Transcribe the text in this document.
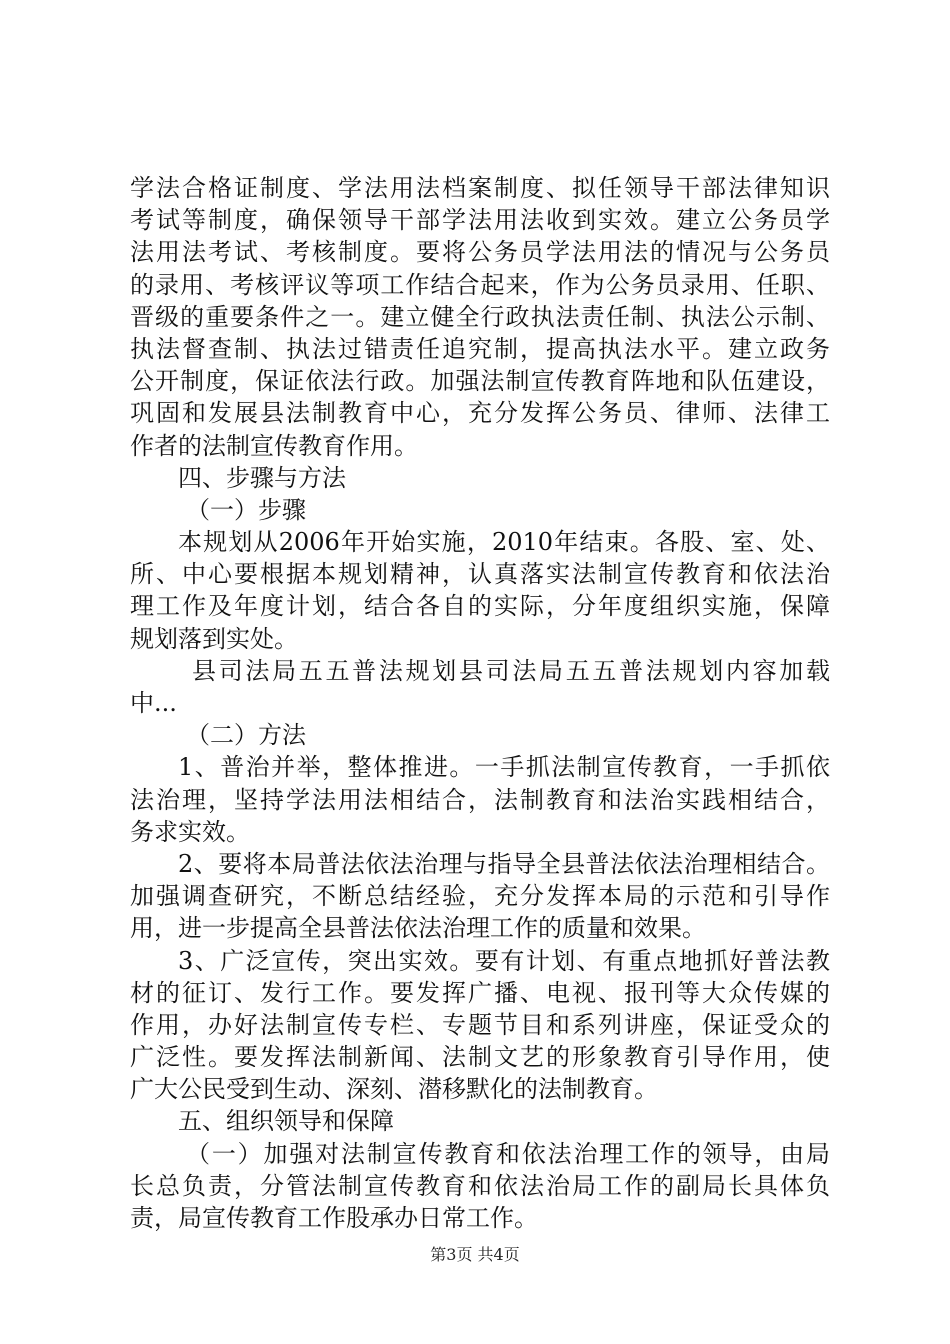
学法合格证制度、学法用法档案制度、拟任领导干部法律知识
考试等制度，确保领导干部学法用法收到实效。建立公务员学
法用法考试、考核制度。要将公务员学法用法的情况与公务员
的录用、考核评议等项工作结合起来，作为公务员录用、任职、
晋级的重要条件之一。建立健全行政执法责任制、执法公示制、
执法督查制、执法过错责任追究制，提高执法水平。建立政务
公开制度，保证依法行政。加强法制宣传教育阵地和队伍建设，
巩固和发展县法制教育中心，充分发挥公务员、律师、法律工
作者的法制宣传教育作用。
四、步骤与方法
（一）步骤
本规划从2006年开始实施，2010年结束。各股、室、处、
所、中心要根据本规划精神，认真落实法制宣传教育和依法治
理工作及年度计划，结合各自的实际，分年度组织实施，保障
规划落到实处。
县司法局五五普法规划县司法局五五普法规划内容加载
中...
（二）方法
1、普治并举，整体推进。一手抓法制宣传教育，一手抓依
法治理，坚持学法用法相结合，法制教育和法治实践相结合，
务求实效。
2、要将本局普法依法治理与指导全县普法依法治理相结合。
加强调查研究，不断总结经验，充分发挥本局的示范和引导作
用，进一步提高全县普法依法治理工作的质量和效果。
3、广泛宣传，突出实效。要有计划、有重点地抓好普法教
材的征订、发行工作。要发挥广播、电视、报刊等大众传媒的
作用，办好法制宣传专栏、专题节目和系列讲座，保证受众的
广泛性。要发挥法制新闻、法制文艺的形象教育引导作用，使
广大公民受到生动、深刻、潜移默化的法制教育。
五、组织领导和保障
（一）加强对法制宣传教育和依法治理工作的领导，由局
长总负责，分管法制宣传教育和依法治局工作的副局长具体负
责，局宣传教育工作股承办日常工作。
第3页 共4页
